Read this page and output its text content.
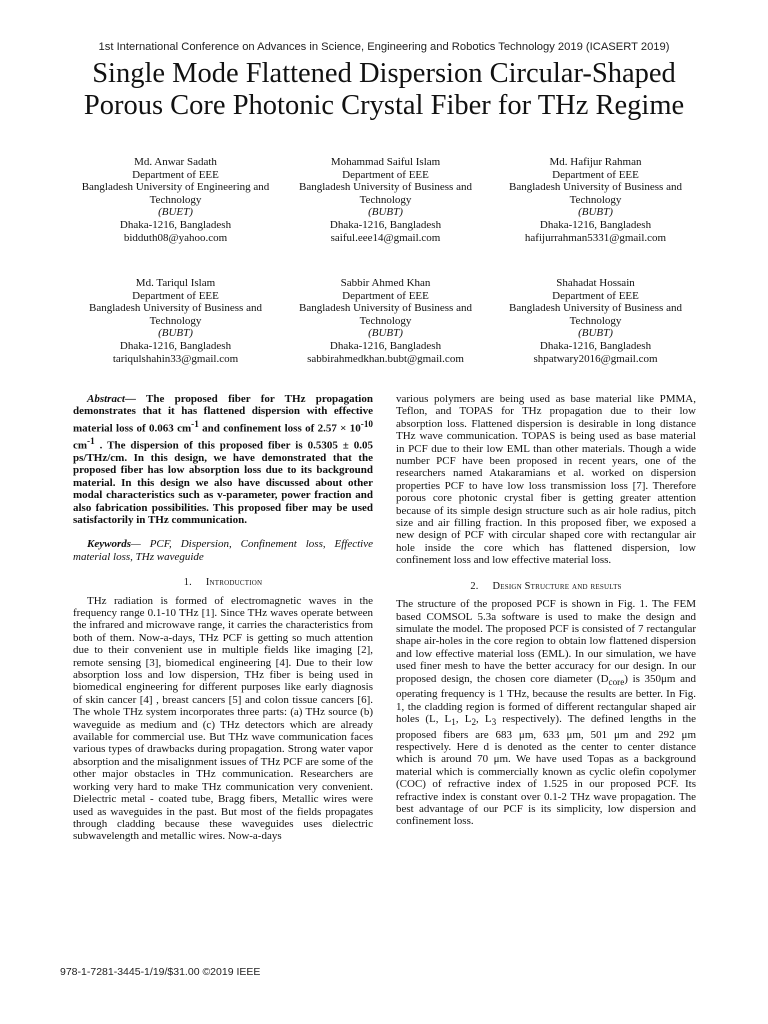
1st International Conference on Advances in Science, Engineering and Robotics Technology 2019 (ICASERT 2019)
Single Mode Flattened Dispersion Circular-Shaped
Porous Core Photonic Crystal Fiber for THz Regime
Md. Anwar Sadath
Department of EEE
Bangladesh University of Engineering and
Technology
(BUET)
Dhaka-1216, Bangladesh
bidduth08@yahoo.com
Mohammad Saiful Islam
Department of EEE
Bangladesh University of Business and
Technology
(BUBT)
Dhaka-1216, Bangladesh
saiful.eee14@gmail.com
Md. Hafijur Rahman
Department of EEE
Bangladesh University of Business and
Technology
(BUBT)
Dhaka-1216, Bangladesh
hafijurrahman5331@gmail.com
Md. Tariqul Islam
Department of EEE
Bangladesh University of Business and
Technology
(BUBT)
Dhaka-1216, Bangladesh
tariqulshahin33@gmail.com
Sabbir Ahmed Khan
Department of EEE
Bangladesh University of Business and
Technology
(BUBT)
Dhaka-1216, Bangladesh
sabbirahmedkhan.bubt@gmail.com
Shahadat Hossain
Department of EEE
Bangladesh University of Business and
Technology
(BUBT)
Dhaka-1216, Bangladesh
shpatwary2016@gmail.com

Abstract— The proposed fiber for THz propagation demonstrates that it has flattened dispersion with effective material loss of 0.063 $cm^{-1}$ and confinement loss of $2.57 \times 10^{-10}$ $cm^{-1}$ . The dispersion of this proposed fiber is 0.5305 ± 0.05 ps/THz/cm. In this design, we have demonstrated that the proposed fiber has low absorption loss due to its background material. In this design we also have discussed about other modal characteristics such as v-parameter, power fraction and also fabrication possibilities. This proposed fiber may be used satisfactorily in THz communication.

Keywords— PCF, Dispersion, Confinement loss, Effective material loss, THz waveguide

1. Introduction

THz radiation is formed of electromagnetic waves in the frequency range 0.1-10 THz [1]. Since THz waves operate between the infrared and microwave range, it carries the characteristics from both of them. Now-a-days, THz PCF is getting so much attention due to their convenient use in multiple fields like imaging [2], remote sensing [3], biomedical engineering [4]. Due to their low absorption loss and low dispersion, THz fiber is being used in biomedical engineering for different purposes like early diagnosis of skin cancer [4] , breast cancers [5] and colon tissue cancers [6]. The whole THz system incorporates three parts: (a) THz source (b) waveguide as medium and (c) THz detectors which are already available for commercial use. But THz wave communication faces various types of drawbacks during propagation. Strong water vapor absorption and the misalignment issues of THz PCF are some of the other major obstacles in THz communication. Researchers are working very hard to make THz communication very convenient. Dielectric metal - coated tube, Bragg fibers, Metallic wires were used as waveguides in the past. But most of the fields propagates through cladding because these waveguides uses dielectric subwavelength and metallic wires. Now-a-days

various polymers are being used as base material like PMMA, Teflon, and TOPAS for THz propagation due to their low absorption loss. Flattened dispersion is desirable in long distance THz wave communication. TOPAS is being used as base material in PCF due to their low EML than other materials. Though a wide number PCF have been proposed in recent years, one of the researchers named Atakaramians et al. worked on dispersion properties PCF to have low loss transmission loss [7]. Therefore porous core photonic crystal fiber is getting greater attention because of its simple design structure such as air hole radius, pitch size and air filling fraction. In this proposed fiber, we exposed a new design of PCF with circular shaped core with rectangular air hole inside the core which has flattened dispersion, low confinement loss and low effective material loss.

2. Design Structure and results

The structure of the proposed PCF is shown in Fig. 1. The FEM based COMSOL 5.3a software is used to make the design and simulate the model. The proposed PCF is consisted of 7 rectangular shape air-holes in the core region to obtain low flattened dispersion and low effective material loss (EML). In our simulation, we have used finer mesh to have the better accuracy for our design. In our proposed design, the chosen core diameter $(D_{core})$ is 350μm and operating frequency is 1 THz, because the results are better. In Fig. 1, the cladding region is formed of different rectangular shaped air holes (L, $L_1$, $L_2$, $L_3$ respectively). The defined lengths in the proposed fibers are 683 μm, 633 μm, 501 μm and 292 μm respectively. Here d is denoted as the center to center distance which is around 70 μm. We have used Topas as a background material which is commercially known as cyclic olefin copolymer (COC) of refractive index of 1.525 in our proposed PCF. Its refractive index is constant over 0.1-2 THz wave propagation. The best advantage of our PCF is its simplicity, low dispersion and confinement loss.

978-1-7281-3445-1/19/$31.00 ©2019 IEEE
